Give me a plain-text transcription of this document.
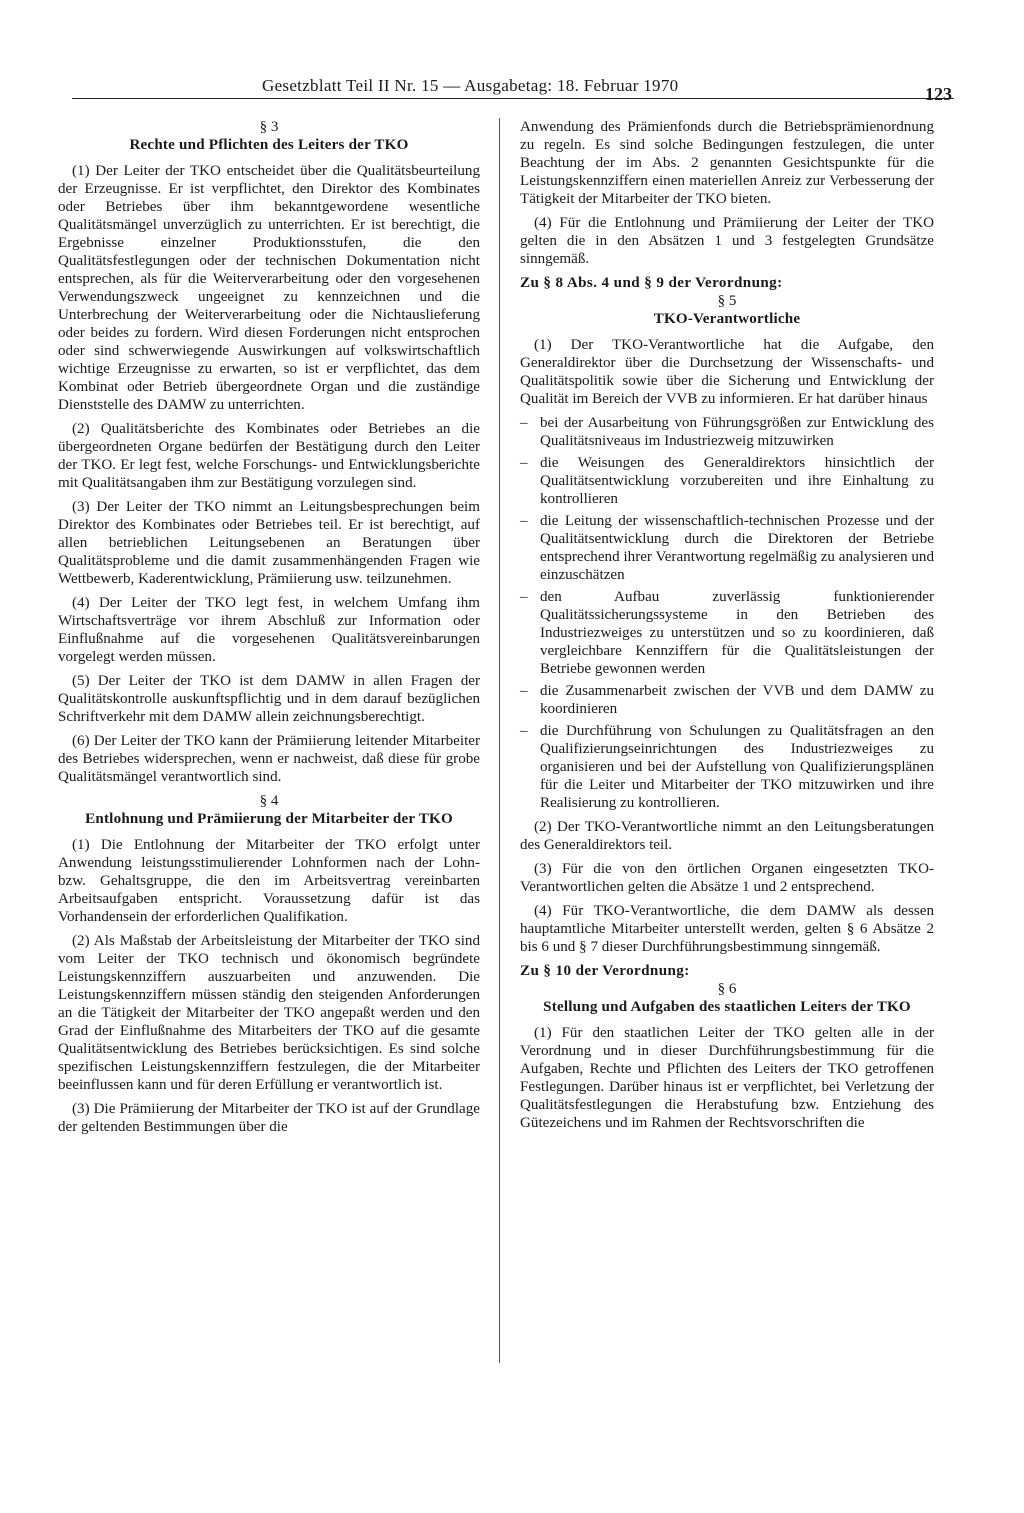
Gesetzblatt Teil II Nr. 15 — Ausgabetag: 18. Februar 1970	123

§ 3

Rechte und Pflichten des Leiters der TKO

(1) Der Leiter der TKO entscheidet über die Qualitätsbeurteilung der Erzeugnisse. Er ist verpflichtet, den Direktor des Kombinates oder Betriebes über ihm bekanntgewordene wesentliche Qualitätsmängel unverzüglich zu unterrichten. Er ist berechtigt, die Ergebnisse einzelner Produktionsstufen, die den Qualitätsfestlegungen oder der technischen Dokumentation nicht entsprechen, als für die Weiterverarbeitung oder den vorgesehenen Verwendungszweck ungeeignet zu kennzeichnen und die Unterbrechung der Weiterverarbeitung oder die Nichtauslieferung oder beides zu fordern. Wird diesen Forderungen nicht entsprochen oder sind schwerwiegende Auswirkungen auf volkswirtschaftlich wichtige Erzeugnisse zu erwarten, so ist er verpflichtet, das dem Kombinat oder Betrieb übergeordnete Organ und die zuständige Dienststelle des DAMW zu unterrichten.

(2) Qualitätsberichte des Kombinates oder Betriebes an die übergeordneten Organe bedürfen der Bestätigung durch den Leiter der TKO. Er legt fest, welche Forschungs- und Entwicklungsberichte mit Qualitätsangaben ihm zur Bestätigung vorzulegen sind.

(3) Der Leiter der TKO nimmt an Leitungsbesprechungen beim Direktor des Kombinates oder Betriebes teil. Er ist berechtigt, auf allen betrieblichen Leitungsebenen an Beratungen über Qualitätsprobleme und die damit zusammenhängenden Fragen wie Wettbewerb, Kaderentwicklung, Prämiierung usw. teilzunehmen.

(4) Der Leiter der TKO legt fest, in welchem Umfang ihm Wirtschaftsverträge vor ihrem Abschluß zur Information oder Einflußnahme auf die vorgesehenen Qualitätsvereinbarungen vorgelegt werden müssen.

(5) Der Leiter der TKO ist dem DAMW in allen Fragen der Qualitätskontrolle auskunftspflichtig und in dem darauf bezüglichen Schriftverkehr mit dem DAMW allein zeichnungsberechtigt.

(6) Der Leiter der TKO kann der Prämiierung leitender Mitarbeiter des Betriebes widersprechen, wenn er nachweist, daß diese für grobe Qualitätsmängel verantwortlich sind.

§ 4

Entlohnung und Prämiierung der Mitarbeiter der TKO

(1) Die Entlohnung der Mitarbeiter der TKO erfolgt unter Anwendung leistungsstimulierender Lohnformen nach der Lohn- bzw. Gehaltsgruppe, die den im Arbeitsvertrag vereinbarten Arbeitsaufgaben entspricht. Voraussetzung dafür ist das Vorhandensein der erforderlichen Qualifikation.

(2) Als Maßstab der Arbeitsleistung der Mitarbeiter der TKO sind vom Leiter der TKO technisch und ökonomisch begründete Leistungskennziffern auszuarbeiten und anzuwenden. Die Leistungskennziffern müssen ständig den steigenden Anforderungen an die Tätigkeit der Mitarbeiter der TKO angepaßt werden und den Grad der Einflußnahme des Mitarbeiters der TKO auf die gesamte Qualitätsentwicklung des Betriebes berücksichtigen. Es sind solche spezifischen Leistungskennziffern festzulegen, die der Mitarbeiter beeinflussen kann und für deren Erfüllung er verantwortlich ist.

(3) Die Prämiierung der Mitarbeiter der TKO ist auf der Grundlage der geltenden Bestimmungen über die

Anwendung des Prämienfonds durch die Betriebsprämienordnung zu regeln. Es sind solche Bedingungen festzulegen, die unter Beachtung der im Abs. 2 genannten Gesichtspunkte für die Leistungskennziffern einen materiellen Anreiz zur Verbesserung der Tätigkeit der Mitarbeiter der TKO bieten.

(4) Für die Entlohnung und Prämiierung der Leiter der TKO gelten die in den Absätzen 1 und 3 festgelegten Grundsätze sinngemäß.

Zu § 8 Abs. 4 und § 9 der Verordnung:

§ 5

TKO-Verantwortliche

(1) Der TKO-Verantwortliche hat die Aufgabe, den Generaldirektor über die Durchsetzung der Wissenschafts- und Qualitätspolitik sowie über die Sicherung und Entwicklung der Qualität im Bereich der VVB zu informieren. Er hat darüber hinaus

– bei der Ausarbeitung von Führungsgrößen zur Entwicklung des Qualitätsniveaus im Industriezweig mitzuwirken
– die Weisungen des Generaldirektors hinsichtlich der Qualitätsentwicklung vorzubereiten und ihre Einhaltung zu kontrollieren
– die Leitung der wissenschaftlich-technischen Prozesse und der Qualitätsentwicklung durch die Direktoren der Betriebe entsprechend ihrer Verantwortung regelmäßig zu analysieren und einzuschätzen
– den Aufbau zuverlässig funktionierender Qualitätssicherungssysteme in den Betrieben des Industriezweiges zu unterstützen und so zu koordinieren, daß vergleichbare Kennziffern für die Qualitätsleistungen der Betriebe gewonnen werden
– die Zusammenarbeit zwischen der VVB und dem DAMW zu koordinieren
– die Durchführung von Schulungen zu Qualitätsfragen an den Qualifizierungseinrichtungen des Industriezweiges zu organisieren und bei der Aufstellung von Qualifizierungsplänen für die Leiter und Mitarbeiter der TKO mitzuwirken und ihre Realisierung zu kontrollieren.

(2) Der TKO-Verantwortliche nimmt an den Leitungsberatungen des Generaldirektors teil.

(3) Für die von den örtlichen Organen eingesetzten TKO-Verantwortlichen gelten die Absätze 1 und 2 entsprechend.

(4) Für TKO-Verantwortliche, die dem DAMW als dessen hauptamtliche Mitarbeiter unterstellt werden, gelten § 6 Absätze 2 bis 6 und § 7 dieser Durchführungsbestimmung sinngemäß.

Zu § 10 der Verordnung:

§ 6

Stellung und Aufgaben des staatlichen Leiters der TKO

(1) Für den staatlichen Leiter der TKO gelten alle in der Verordnung und in dieser Durchführungsbestimmung für die Aufgaben, Rechte und Pflichten des Leiters der TKO getroffenen Festlegungen. Darüber hinaus ist er verpflichtet, bei Verletzung der Qualitätsfestlegungen die Herabstufung bzw. Entziehung des Gütezeichens und im Rahmen der Rechtsvorschriften die
